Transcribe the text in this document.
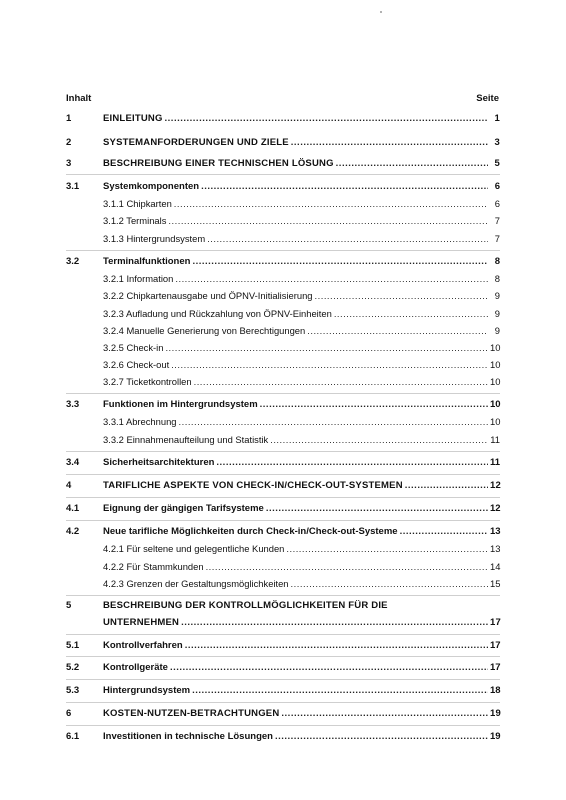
Inhalt	Seite
1	EINLEITUNG .....	1
2	SYSTEMANFORDERUNGEN UND ZIELE .....	3
3	BESCHREIBUNG EINER TECHNISCHEN LÖSUNG .....	5
3.1	Systemkomponenten .....	6
3.1.1 Chipkarten .....	6
3.1.2 Terminals .....	7
3.1.3 Hintergrundsystem .....	7
3.2	Terminalfunktionen .....	8
3.2.1 Information .....	8
3.2.2 Chipkartenausgabe und ÖPNV-Initialisierung .....	9
3.2.3 Aufladung und Rückzahlung von ÖPNV-Einheiten .....	9
3.2.4 Manuelle Generierung von Berechtigungen .....	9
3.2.5 Check-in .....	10
3.2.6 Check-out .....	10
3.2.7 Ticketkontrollen .....	10
3.3	Funktionen im Hintergrundsystem .....	10
3.3.1 Abrechnung .....	10
3.3.2 Einnahmenaufteilung und Statistik .....	11
3.4	Sicherheitsarchitekturen .....	11
4	TARIFLICHE ASPEKTE VON CHECK-IN/CHECK-OUT-SYSTEMEN .....	12
4.1	Eignung der gängigen Tarifsysteme .....	12
4.2	Neue tarifliche Möglichkeiten durch Check-in/Check-out-Systeme .....	13
4.2.1 Für seltene und gelegentliche Kunden .....	13
4.2.2 Für Stammkunden .....	14
4.2.3 Grenzen der Gestaltungsmöglichkeiten .....	15
5	BESCHREIBUNG DER KONTROLLMÖGLICHKEITEN FÜR DIE
UNTERNEHMEN .....	17
5.1	Kontrollverfahren .....	17
5.2	Kontrollgeräte .....	17
5.3	Hintergrundsystem .....	18
6	KOSTEN-NUTZEN-BETRACHTUNGEN .....	19
6.1	Investitionen in technische Lösungen .....	19
